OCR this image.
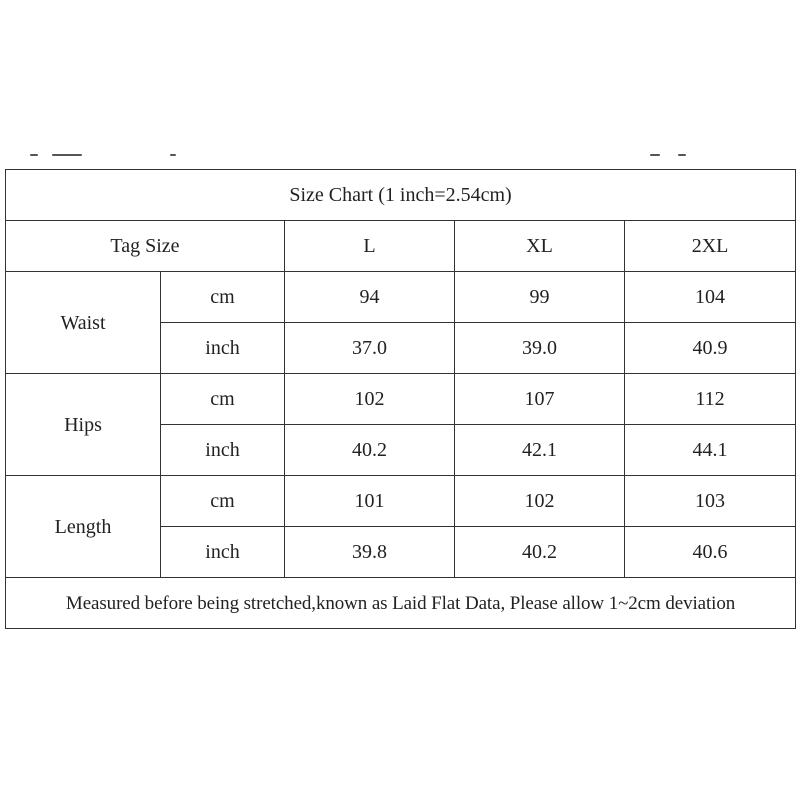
Size Chart (1 inch=2.54cm)				
Tag Size		L	XL	2XL
Waist	cm	94	99	104
	inch	37.0	39.0	40.9
Hips	cm	102	107	112
	inch	40.2	42.1	44.1
Length	cm	101	102	103
	inch	39.8	40.2	40.6
Measured before being stretched,known as Laid Flat Data, Please allow 1~2cm deviation				
